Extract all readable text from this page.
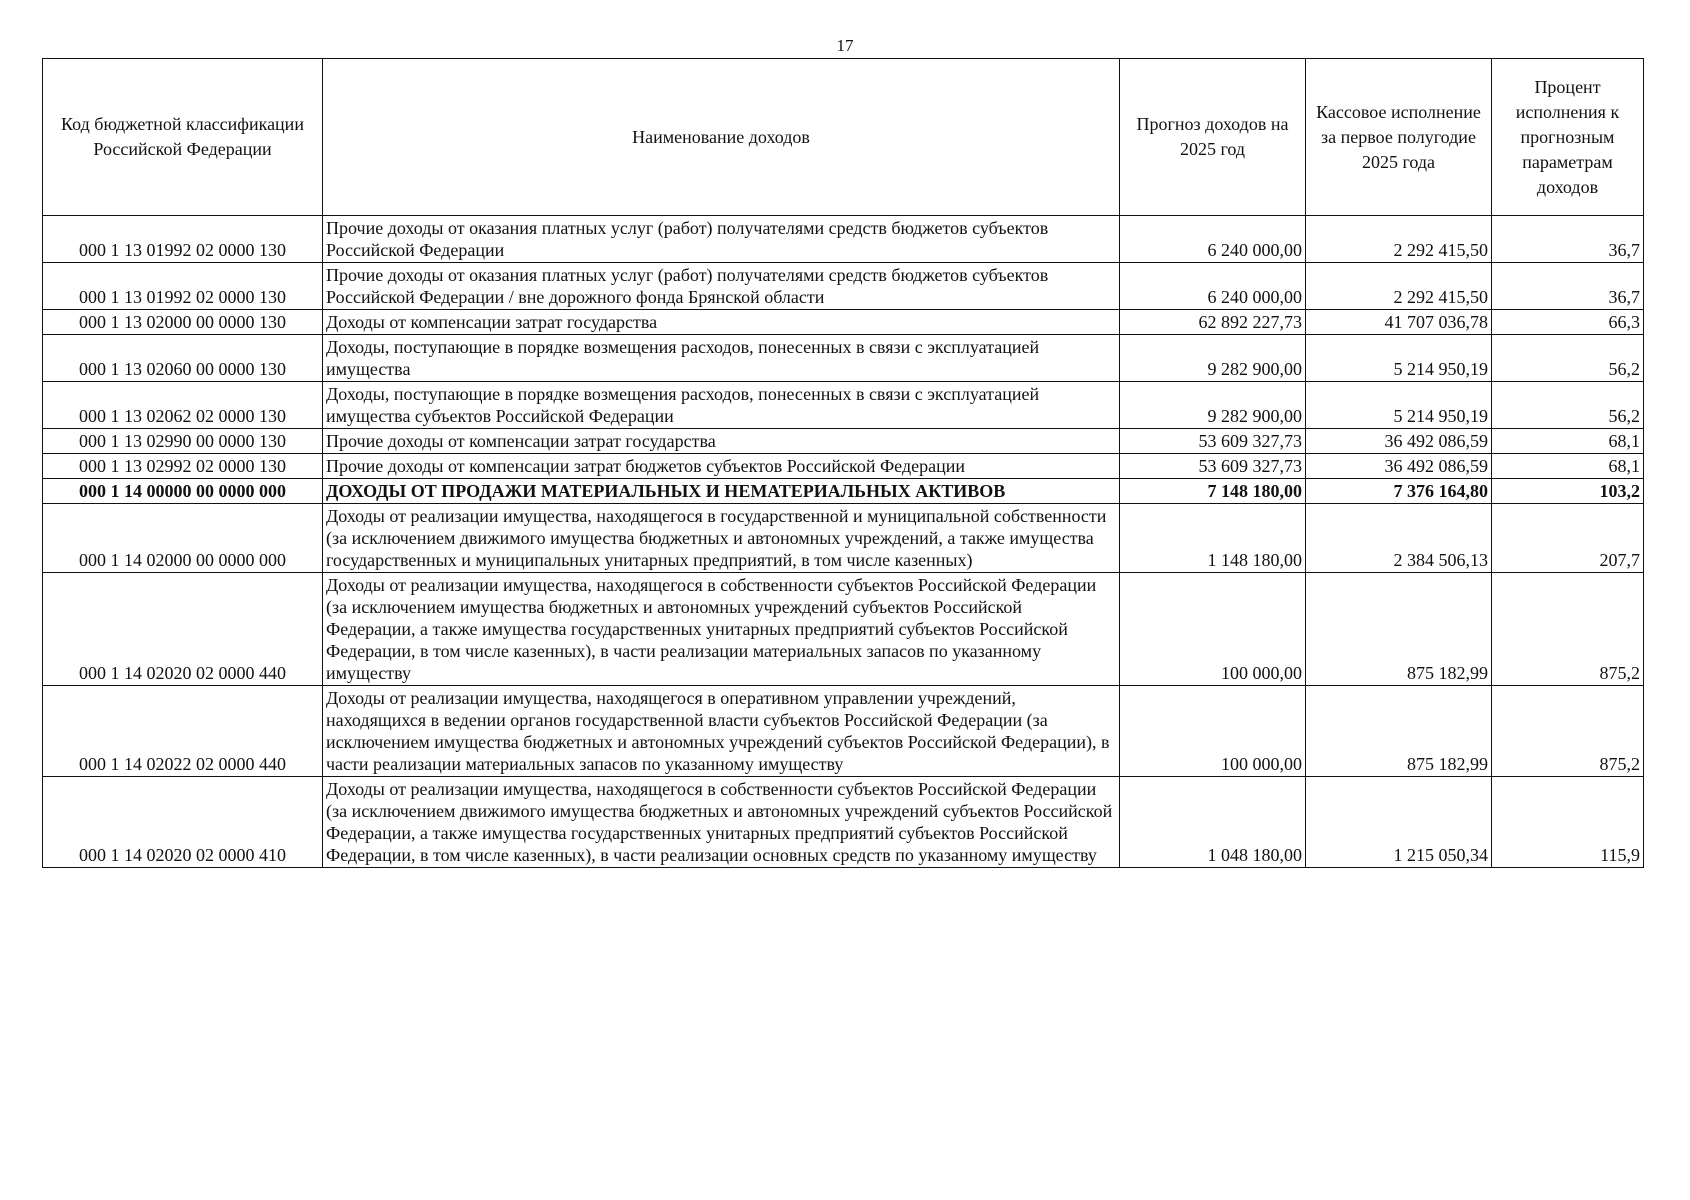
17
Код бюджетной классификации Российской Федерации	Наименование доходов	Прогноз доходов на 2025 год	Кассовое исполнение за первое полугодие 2025 года	Процент исполнения к прогнозным параметрам доходов
000 1 13 01992 02 0000 130	Прочие доходы от оказания платных услуг (работ) получателями средств бюджетов субъектов Российской Федерации	6 240 000,00	2 292 415,50	36,7
000 1 13 01992 02 0000 130	Прочие доходы от оказания платных услуг (работ) получателями средств бюджетов субъектов Российской Федерации / вне дорожного фонда Брянской области	6 240 000,00	2 292 415,50	36,7
000 1 13 02000 00 0000 130	Доходы от компенсации затрат государства	62 892 227,73	41 707 036,78	66,3
000 1 13 02060 00 0000 130	Доходы, поступающие в порядке возмещения расходов, понесенных в связи с эксплуатацией имущества	9 282 900,00	5 214 950,19	56,2
000 1 13 02062 02 0000 130	Доходы, поступающие в порядке возмещения расходов, понесенных в связи с эксплуатацией имущества субъектов Российской Федерации	9 282 900,00	5 214 950,19	56,2
000 1 13 02990 00 0000 130	Прочие доходы от компенсации затрат государства	53 609 327,73	36 492 086,59	68,1
000 1 13 02992 02 0000 130	Прочие доходы от компенсации затрат бюджетов субъектов Российской Федерации	53 609 327,73	36 492 086,59	68,1
000 1 14 00000 00 0000 000	ДОХОДЫ ОТ ПРОДАЖИ МАТЕРИАЛЬНЫХ И НЕМАТЕРИАЛЬНЫХ АКТИВОВ	7 148 180,00	7 376 164,80	103,2
000 1 14 02000 00 0000 000	Доходы от реализации имущества, находящегося в государственной и муниципальной собственности (за исключением движимого имущества бюджетных и автономных учреждений, а также имущества государственных и муниципальных унитарных предприятий, в том числе казенных)	1 148 180,00	2 384 506,13	207,7
000 1 14 02020 02 0000 440	Доходы от реализации имущества, находящегося в собственности субъектов Российской Федерации (за исключением имущества бюджетных и автономных учреждений субъектов Российской Федерации, а также имущества государственных унитарных предприятий субъектов Российской Федерации, в том числе казенных), в части реализации материальных запасов по указанному имуществу	100 000,00	875 182,99	875,2
000 1 14 02022 02 0000 440	Доходы от реализации имущества, находящегося в оперативном управлении учреждений, находящихся в ведении органов государственной власти субъектов Российской Федерации (за исключением имущества бюджетных и автономных учреждений субъектов Российской Федерации), в части реализации материальных запасов по указанному имуществу	100 000,00	875 182,99	875,2
000 1 14 02020 02 0000 410	Доходы от реализации имущества, находящегося в собственности субъектов Российской Федерации (за исключением движимого имущества бюджетных и автономных учреждений субъектов Российской Федерации, а также имущества государственных унитарных предприятий субъектов Российской Федерации, в том числе казенных), в части реализации основных средств по указанному имуществу	1 048 180,00	1 215 050,34	115,9
